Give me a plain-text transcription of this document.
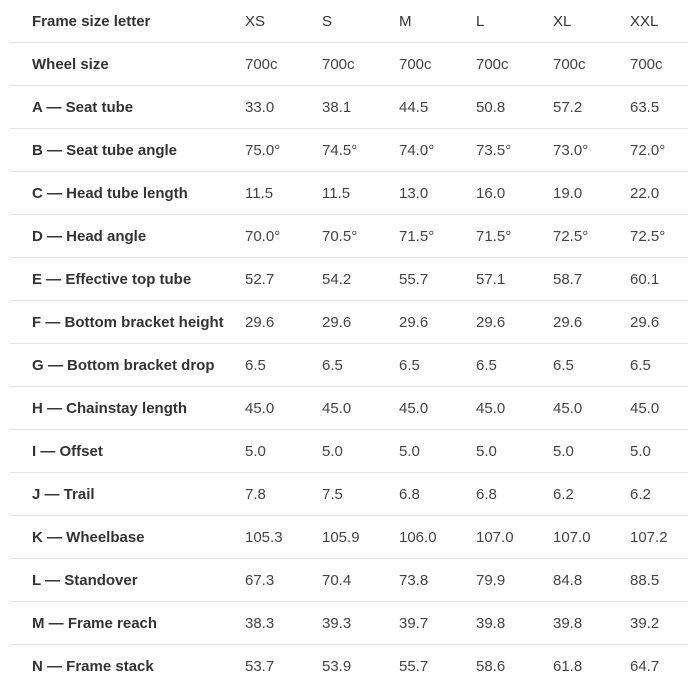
Frame size letter	XS	S	M	L	XL	XXL
Wheel size	700c	700c	700c	700c	700c	700c
A — Seat tube	33.0	38.1	44.5	50.8	57.2	63.5
B — Seat tube angle	75.0°	74.5°	74.0°	73.5°	73.0°	72.0°
C — Head tube length	11.5	11.5	13.0	16.0	19.0	22.0
D — Head angle	70.0°	70.5°	71.5°	71.5°	72.5°	72.5°
E — Effective top tube	52.7	54.2	55.7	57.1	58.7	60.1
F — Bottom bracket height	29.6	29.6	29.6	29.6	29.6	29.6
G — Bottom bracket drop	6.5	6.5	6.5	6.5	6.5	6.5
H — Chainstay length	45.0	45.0	45.0	45.0	45.0	45.0
I — Offset	5.0	5.0	5.0	5.0	5.0	5.0
J — Trail	7.8	7.5	6.8	6.8	6.2	6.2
K — Wheelbase	105.3	105.9	106.0	107.0	107.0	107.2
L — Standover	67.3	70.4	73.8	79.9	84.8	88.5
M — Frame reach	38.3	39.3	39.7	39.8	39.8	39.2
N — Frame stack	53.7	53.9	55.7	58.6	61.8	64.7
